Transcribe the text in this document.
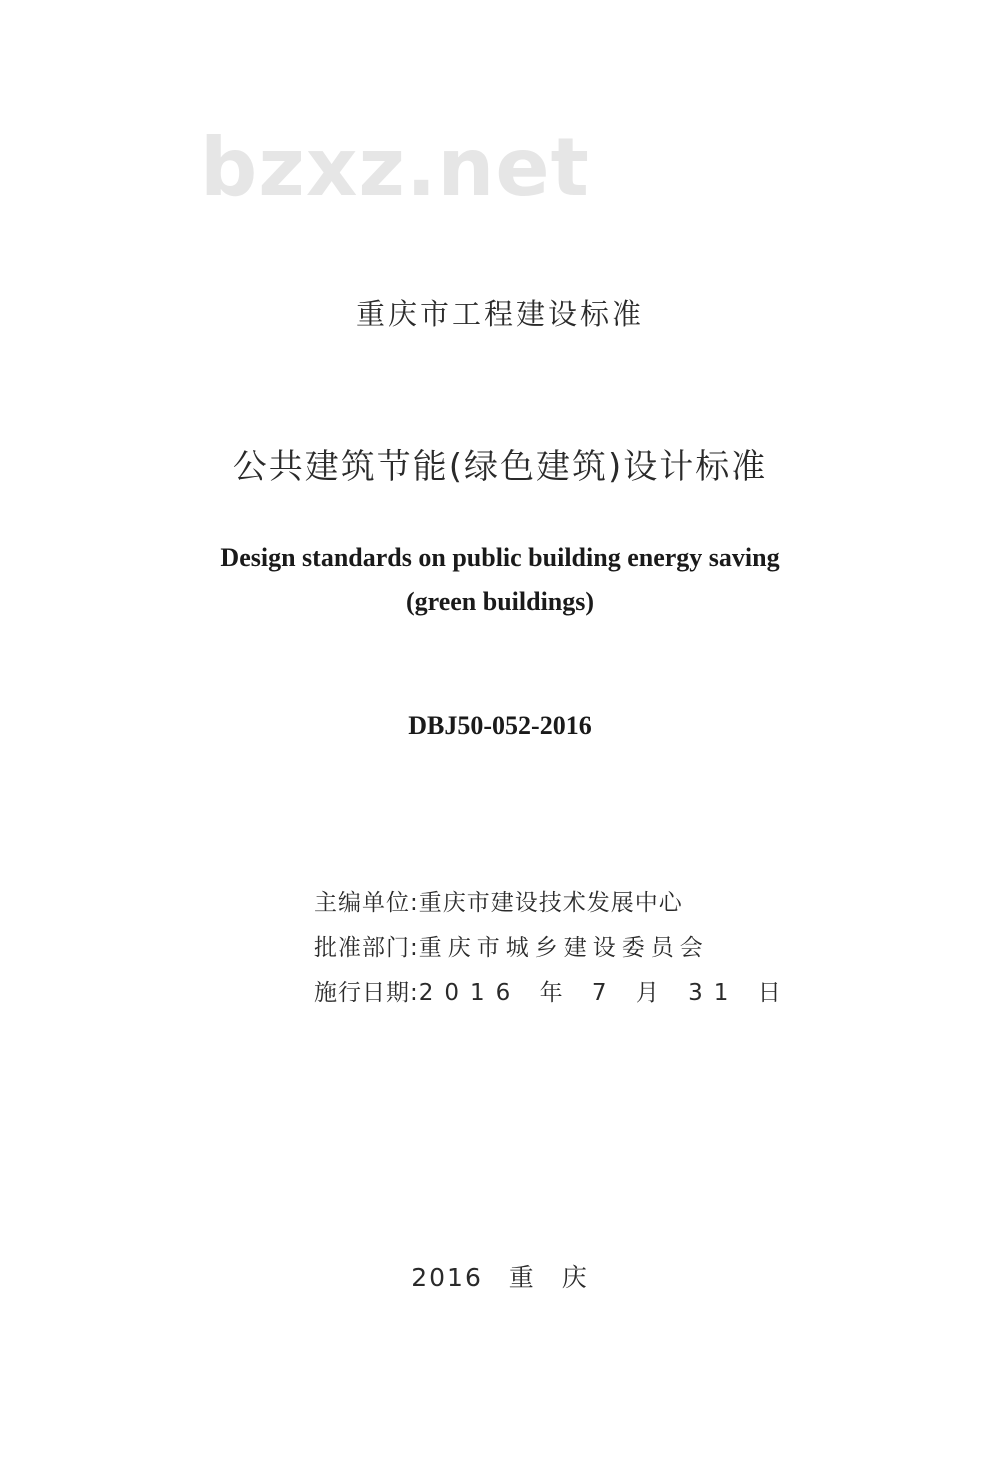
bzxz.net
重庆市工程建设标准
公共建筑节能(绿色建筑)设计标准
Design standards on public building energy saving
(green buildings)
DBJ50-052-2016
主编单位: 重庆市建设技术发展中心
批准部门: 重庆市城乡建设委员会
施行日期: 2016 年 7 月 31 日
2016 重 庆
